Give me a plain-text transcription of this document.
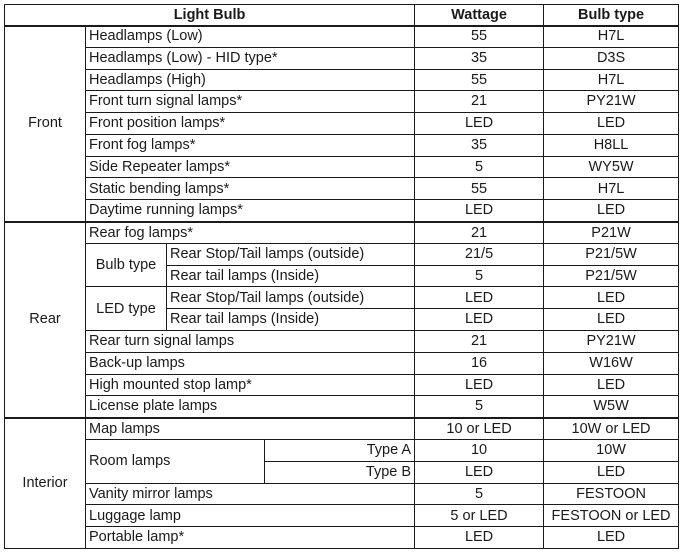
Light Bulb				Wattage	Bulb type
Front	Headlamps (Low)			55	H7L
	Headlamps (Low) - HID type*			35	D3S
	Headlamps (High)			55	H7L
	Front turn signal lamps*			21	PY21W
	Front position lamps*			LED	LED
	Front fog lamps*			35	H8LL
	Side Repeater lamps*			5	WY5W
	Static bending lamps*			55	H7L
	Daytime running lamps*			LED	LED
Rear	Rear fog lamps*			21	P21W
	Bulb type	Rear Stop/Tail lamps (outside)		21/5	P21/5W
		Rear tail lamps (Inside)		5	P21/5W
	LED type	Rear Stop/Tail lamps (outside)		LED	LED
		Rear tail lamps (Inside)		LED	LED
	Rear turn signal lamps			21	PY21W
	Back-up lamps			16	W16W
	High mounted stop lamp*			LED	LED
	License plate lamps			5	W5W
Interior	Map lamps			10 or LED	10W or LED
	Room lamps		Type A	10	10W
			Type B	LED	LED
	Vanity mirror lamps			5	FESTOON
	Luggage lamp			5 or LED	FESTOON or LED
	Portable lamp*			LED	LED
